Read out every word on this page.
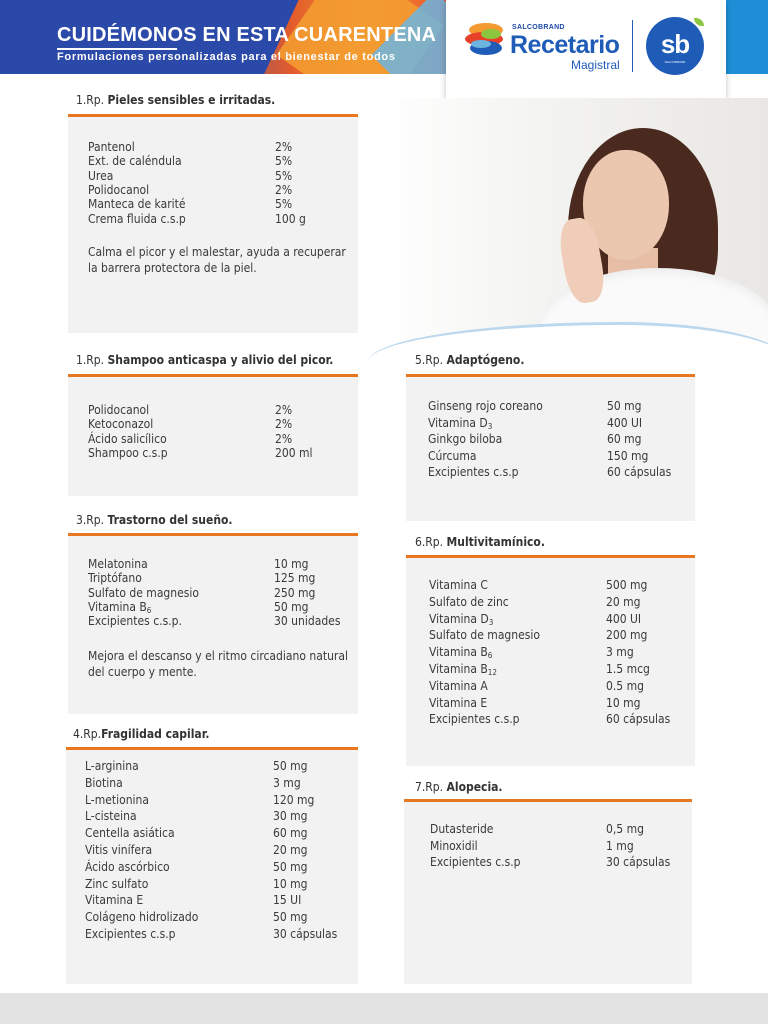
CUIDÉMONOS EN ESTA CUARENTENA
Formulaciones personalizadas para el bienestar de todos
SALCOBRAND
Recetario
Magistral
sb
SALCOBRAND
1.Rp. Pieles sensibles e irritadas.
Pantenol	2%
Ext. de caléndula	5%
Urea	5%
Polidocanol	2%
Manteca de karité	5%
Crema fluida c.s.p	100 g
Calma el picor y el malestar, ayuda a recuperar
la barrera protectora de la piel.
1.Rp. Shampoo anticaspa y alivio del picor.
Polidocanol	2%
Ketoconazol	2%
Ácido salicílico	2%
Shampoo c.s.p	200 ml
3.Rp. Trastorno del sueño.
Melatonina	10 mg
Triptófano	125 mg
Sulfato de magnesio	250 mg
Vitamina $B_6$	50 mg
Excipientes c.s.p.	30 unidades
Mejora el descanso y el ritmo circadiano natural
del cuerpo y mente.
4.Rp.Fragilidad capilar.
L-arginina	50 mg
Biotina	3 mg
L-metionina	120 mg
L-cisteina	30 mg
Centella asiática	60 mg
Vitis vinífera	20 mg
Ácido ascórbico	50 mg
Zinc sulfato	10 mg
Vitamina E	15 UI
Colágeno hidrolizado	50 mg
Excipientes c.s.p	30 cápsulas
5.Rp. Adaptógeno.
Ginseng rojo coreano	50 mg
Vitamina $D_3$	400 UI
Ginkgo biloba	60 mg
Cúrcuma	150 mg
Excipientes c.s.p	60 cápsulas
6.Rp. Multivitamínico.
Vitamina C	500 mg
Sulfato de zinc	20 mg
Vitamina $D_3$	400 UI
Sulfato de magnesio	200 mg
Vitamina $B_6$	3 mg
Vitamina $B_{12}$	1.5 mcg
Vitamina A	0.5 mg
Vitamina E	10 mg
Excipientes c.s.p	60 cápsulas
7.Rp. Alopecia.
Dutasteride	0,5 mg
Minoxidil	1 mg
Excipientes c.s.p	30 cápsulas
